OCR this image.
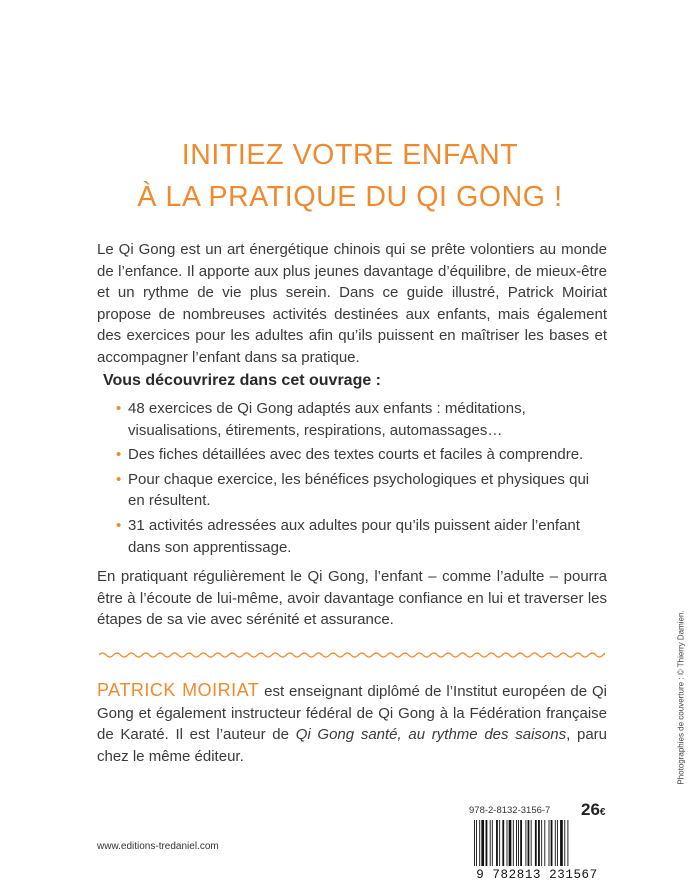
INITIEZ VOTRE ENFANT
À LA PRATIQUE DU QI GONG !

Le Qi Gong est un art énergétique chinois qui se prête volontiers au monde de l’enfance. Il apporte aux plus jeunes davantage d’équilibre, de mieux-être et un rythme de vie plus serein. Dans ce guide illustré, Patrick Moiriat propose de nombreuses activités destinées aux enfants, mais également des exercices pour les adultes afin qu’ils puissent en maîtriser les bases et accompagner l’enfant dans sa pratique.

Vous découvrirez dans cet ouvrage :
• 48 exercices de Qi Gong adaptés aux enfants : méditations, visualisations, étirements, respirations, automassages…
• Des fiches détaillées avec des textes courts et faciles à comprendre.
• Pour chaque exercice, les bénéfices psychologiques et physiques qui en résultent.
• 31 activités adressées aux adultes pour qu’ils puissent aider l’enfant dans son apprentissage.

En pratiquant régulièrement le Qi Gong, l’enfant – comme l’adulte – pourra être à l’écoute de lui-même, avoir davantage confiance en lui et traverser les étapes de sa vie avec sérénité et assurance.

PATRICK MOIRIAT est enseignant diplômé de l’Institut européen de Qi Gong et également instructeur fédéral de Qi Gong à la Fédération française de Karaté. Il est l’auteur de Qi Gong santé, au rythme des saisons, paru chez le même éditeur.

www.editions-tredaniel.com
978-2-8132-3156-7 26€
9 782813 231567
Photographies de couverture : © Thierry Damien.
